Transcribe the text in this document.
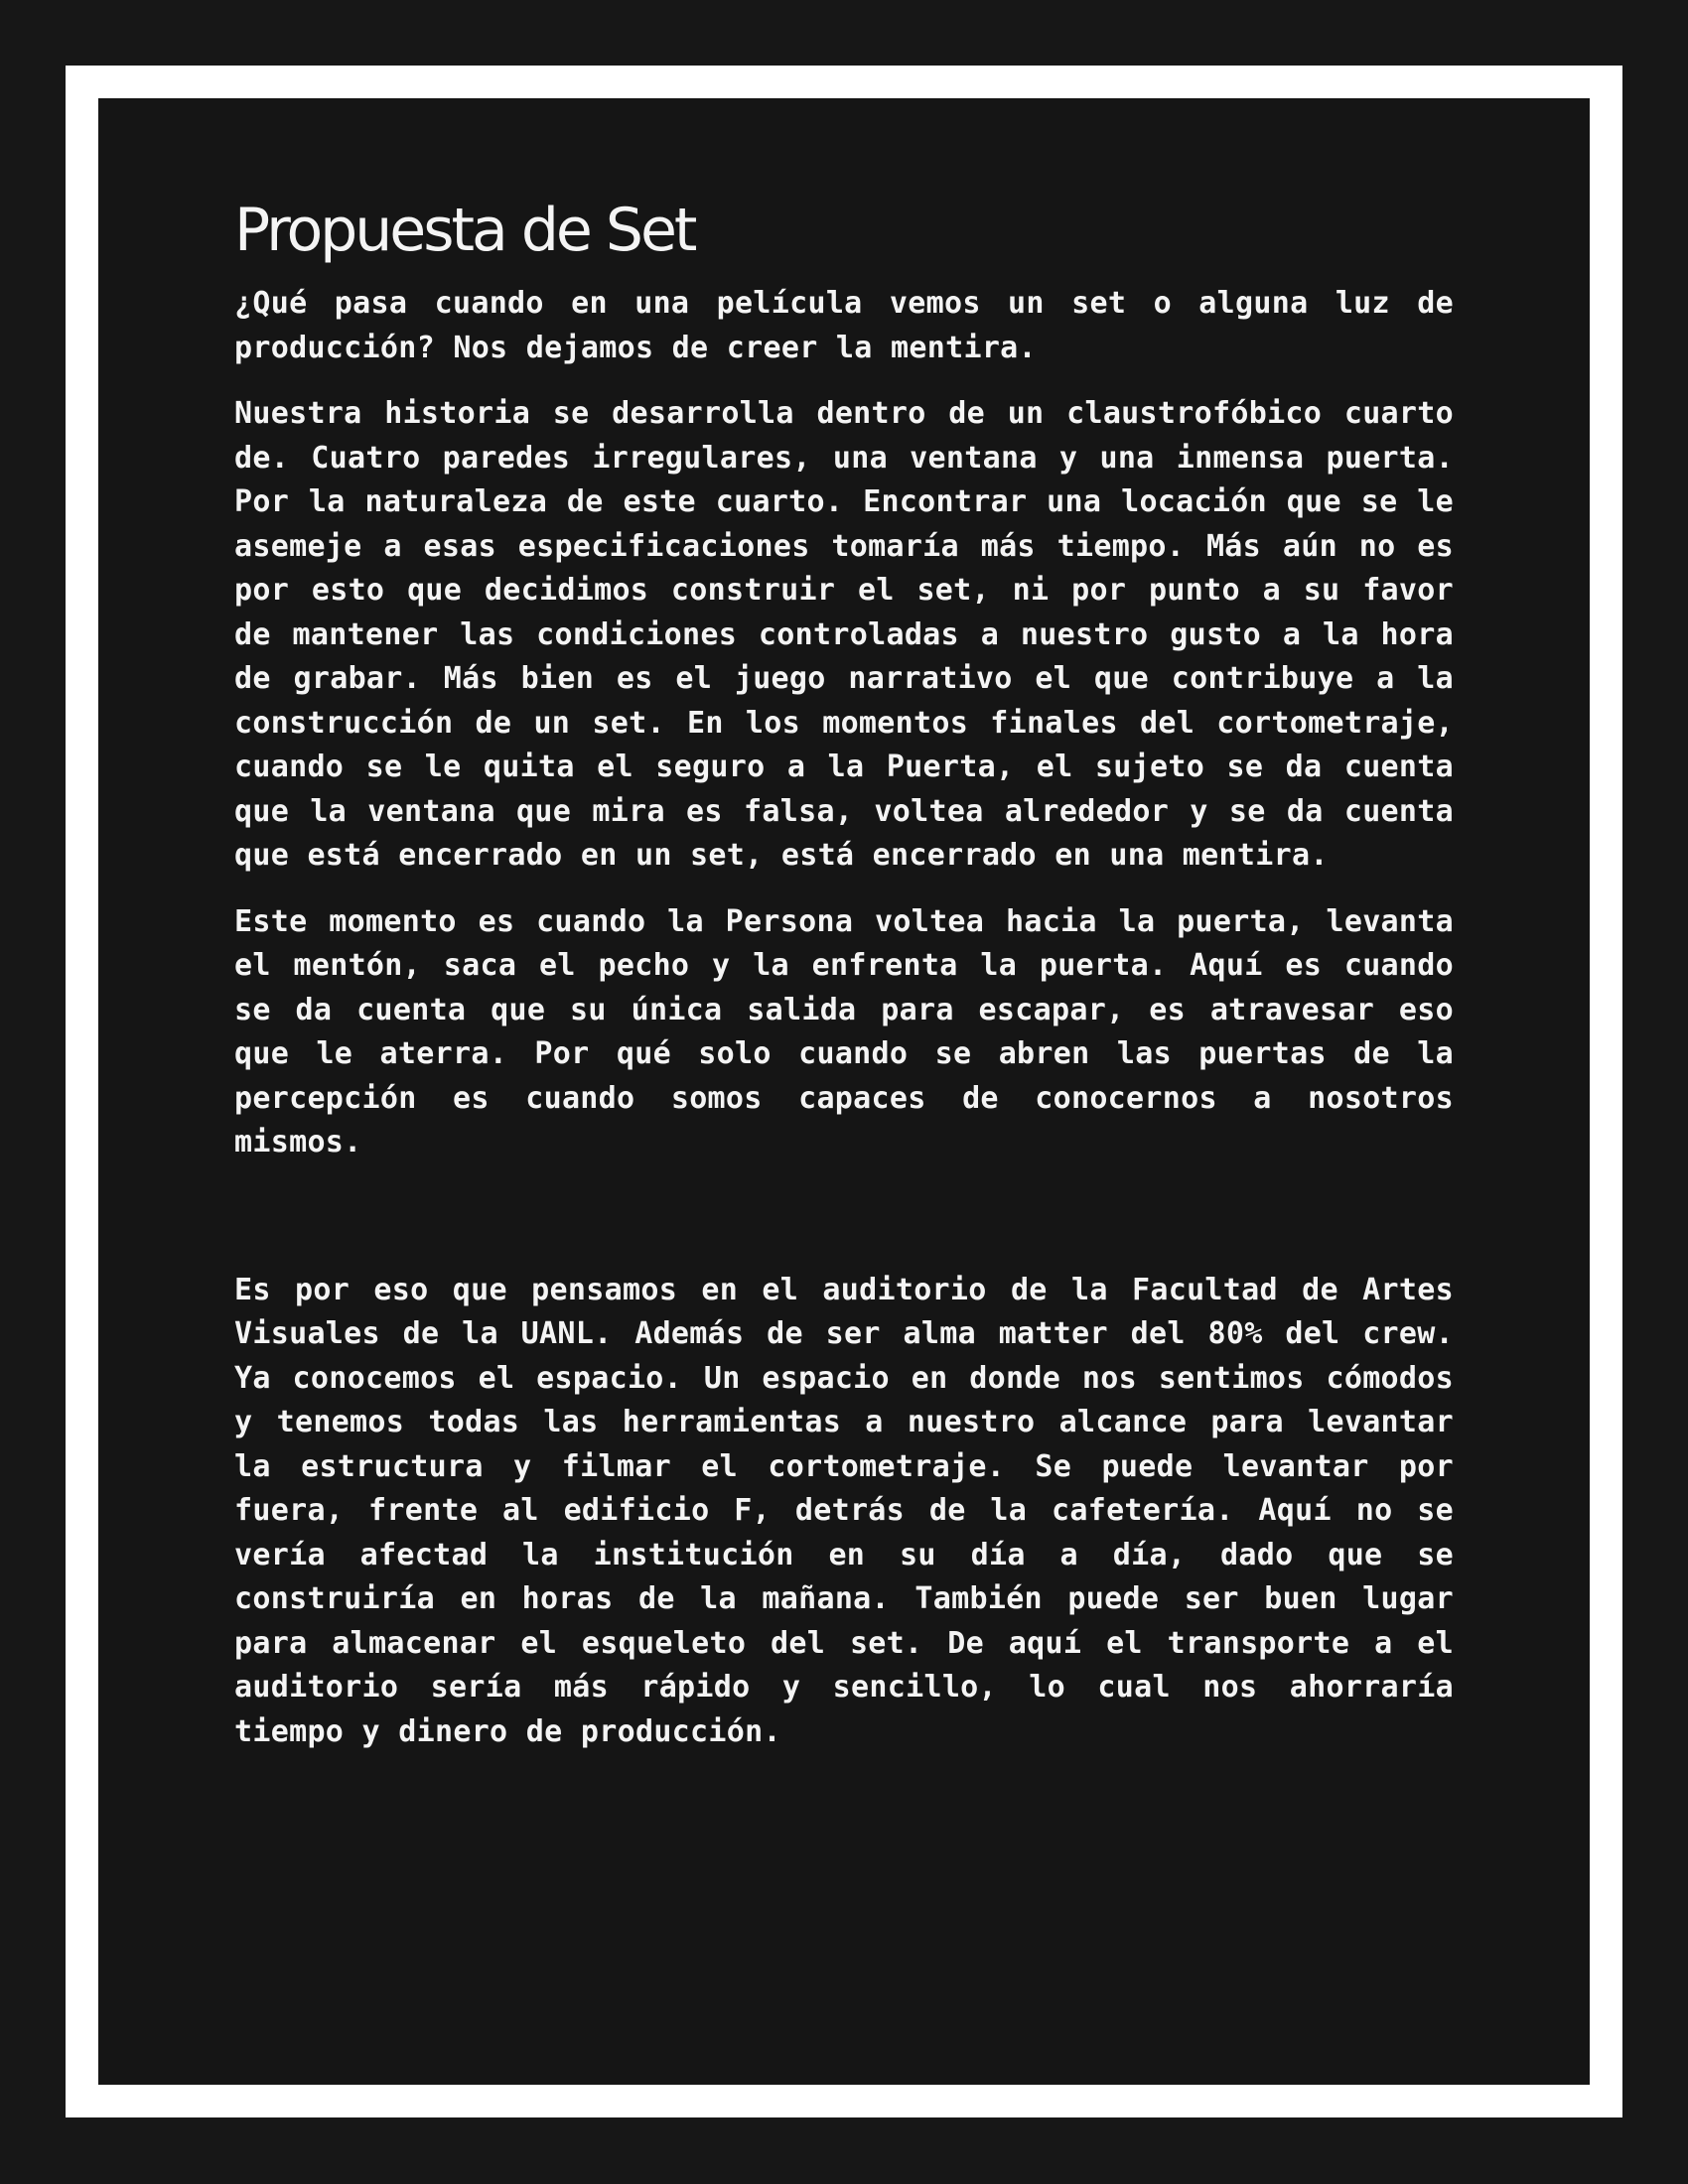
Propuesta de Set

¿Qué pasa cuando en una película vemos un set o alguna luz de producción? Nos dejamos de creer la mentira.

Nuestra historia se desarrolla dentro de un claustrofóbico cuarto de. Cuatro paredes irregulares, una ventana y una inmensa puerta. Por la naturaleza de este cuarto. Encontrar una locación que se le asemeje a esas especificaciones tomaría más tiempo. Más aún no es por esto que decidimos construir el set, ni por punto a su favor de mantener las condiciones controladas a nuestro gusto a la hora de grabar. Más bien es el juego narrativo el que contribuye a la construcción de un set. En los momentos finales del cortometraje, cuando se le quita el seguro a la Puerta, el sujeto se da cuenta que la ventana que mira es falsa, voltea alrededor y se da cuenta que está encerrado en un set, está encerrado en una mentira.

Este momento es cuando la Persona voltea hacia la puerta, levanta el mentón, saca el pecho y la enfrenta la puerta. Aquí es cuando se da cuenta que su única salida para escapar, es atravesar eso que le aterra. Por qué solo cuando se abren las puertas de la percepción es cuando somos capaces de conocernos a nosotros mismos.

Es por eso que pensamos en el auditorio de la Facultad de Artes Visuales de la UANL. Además de ser alma matter del 80% del crew. Ya conocemos el espacio. Un espacio en donde nos sentimos cómodos y tenemos todas las herramientas a nuestro alcance para levantar la estructura y filmar el cortometraje. Se puede levantar por fuera, frente al edificio F, detrás de la cafetería. Aquí no se vería afectad la institución en su día a día, dado que se construiría en horas de la mañana. También puede ser buen lugar para almacenar el esqueleto del set. De aquí el transporte a el auditorio sería más rápido y sencillo, lo cual nos ahorraría tiempo y dinero de producción.
